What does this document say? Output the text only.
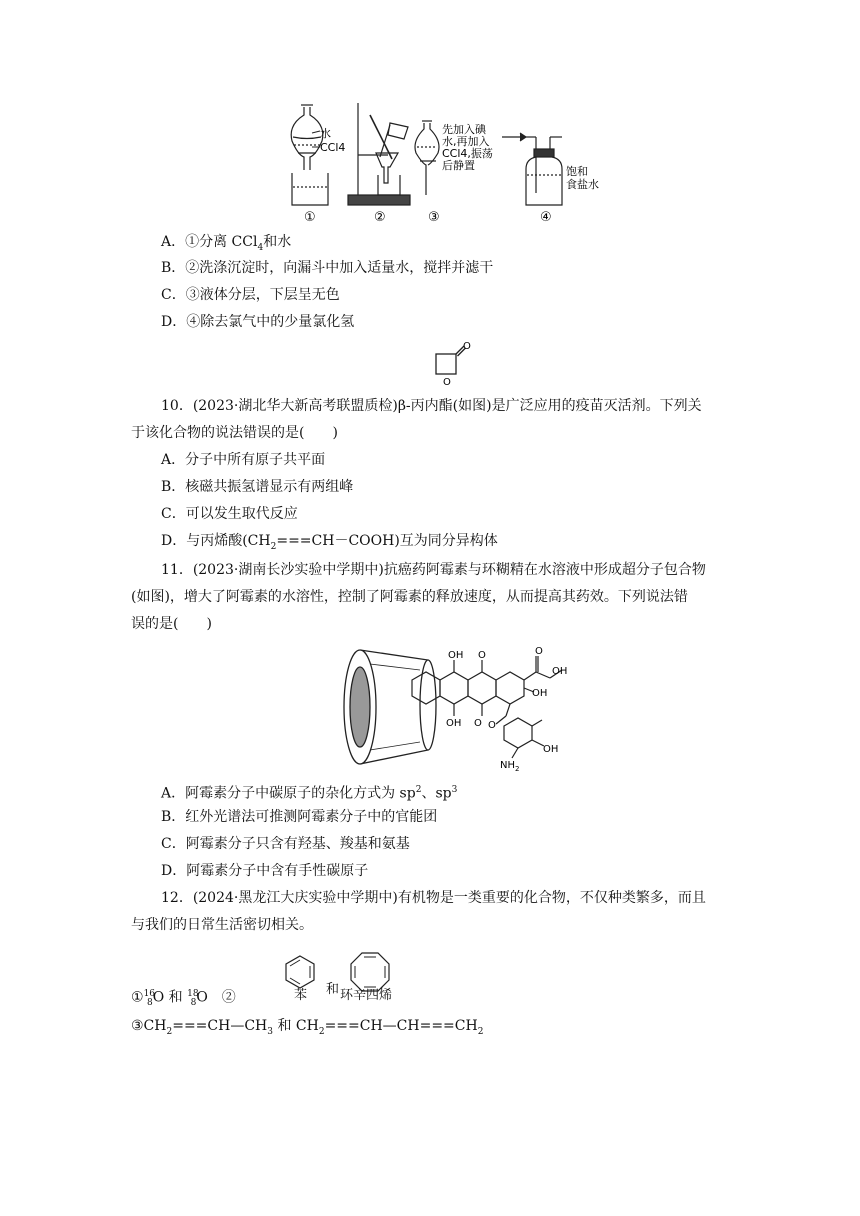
水
CCl4
①	②
先加入碘
水,再加入
CCl4,振荡
后静置
③
饱和
食盐水
④
A．①分离 CCl$_4$和水
B．②洗涤沉淀时，向漏斗中加入适量水，搅拌并滤干
C．③液体分层，下层呈无色
D．④除去氯气中的少量氯化氢
O
O
10．(2023·湖北华大新高考联盟质检)β-丙内酯(如图)是广泛应用的疫苗灭活剂。下列关
于该化合物的说法错误的是(　　)
A．分子中所有原子共平面
B．核磁共振氢谱显示有两组峰
C．可以发生取代反应
D．与丙烯酸$(CH_2===CH-COOH)$互为同分异构体
11．(2023·湖南长沙实验中学期中)抗癌药阿霉素与环糊精在水溶液中形成超分子包合物
(如图)，增大了阿霉素的水溶性，控制了阿霉素的释放速度，从而提高其药效。下列说法错
误的是(　　)
OH O
OH
O
OH
OH
O O
OH
$NH_2$
A．阿霉素分子中碳原子的杂化方式为 $sp^2$、$sp^3$
B．红外光谱法可推测阿霉素分子中的官能团
C．阿霉素分子只含有羟基、羧基和氨基
D．阿霉素分子中含有手性碳原子
12．(2024·黑龙江大庆实验中学期中)有机物是一类重要的化合物，不仅种类繁多，而且
与我们的日常生活密切相关。
①$^{16}_8$O 和 $^{18}_8$O　②	苯 和 环辛四烯
$③CH_2===CH—CH_3$ 和 $CH_2===CH—CH===CH_2$
